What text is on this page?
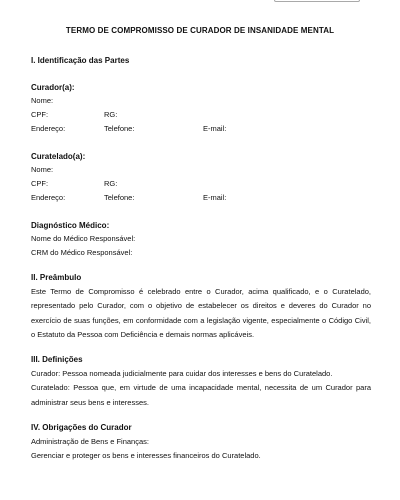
TERMO DE COMPROMISSO DE CURADOR DE INSANIDADE MENTAL
I. Identificação das Partes
Curador(a):
Nome:
CPF:	RG:
Endereço:	Telefone:	E-mail:
Curatelado(a):
Nome:
CPF:	RG:
Endereço:	Telefone:	E-mail:
Diagnóstico Médico:
Nome do Médico Responsável:
CRM do Médico Responsável:
II. Preâmbulo
Este Termo de Compromisso é celebrado entre o Curador, acima qualificado, e o Curatelado, representado pelo Curador, com o objetivo de estabelecer os direitos e deveres do Curador no exercício de suas funções, em conformidade com a legislação vigente, especialmente o Código Civil, o Estatuto da Pessoa com Deficiência e demais normas aplicáveis.
III. Definições
Curador: Pessoa nomeada judicialmente para cuidar dos interesses e bens do Curatelado.
Curatelado: Pessoa que, em virtude de uma incapacidade mental, necessita de um Curador para administrar seus bens e interesses.
IV. Obrigações do Curador
Administração de Bens e Finanças:
Gerenciar e proteger os bens e interesses financeiros do Curatelado.
